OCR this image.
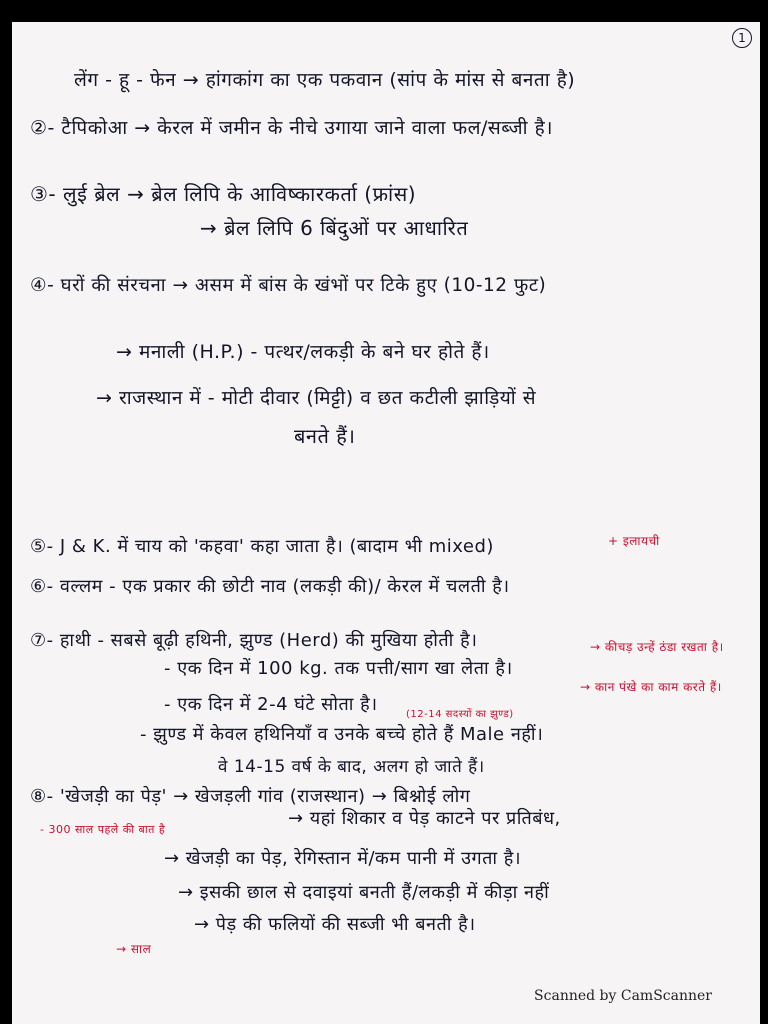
1
लेंग - हू - फेन → हांगकांग का एक पकवान (सांप के मांस से बनता है)
②- टैपिकोआ → केरल में जमीन के नीचे उगाया जाने वाला फल/सब्जी है।
③- लुई ब्रेल → ब्रेल लिपि के आविष्कारकर्ता (फ्रांस)
→ ब्रेल लिपि 6 बिंदुओं पर आधारित
④- घरों की संरचना → असम में बांस के खंभों पर टिके हुए (10-12 फुट)
→ मनाली (H.P.) - पत्थर/लकड़ी के बने घर होते हैं।
→ राजस्थान में - मोटी दीवार (मिट्टी) व छत कटीली झाड़ियों से
बनते हैं।
⑤- J & K. में चाय को 'कहवा' कहा जाता है। (बादाम भी mixed)	+ इलायची
⑥- वल्लम - एक प्रकार की छोटी नाव (लकड़ी की)/ केरल में चलती है।
⑦- हाथी - सबसे बूढ़ी हथिनी, झुण्ड (Herd) की मुखिया होती है।
- एक दिन में 100 kg. तक पत्ती/साग खा लेता है।
→ कीचड़ उन्हें ठंडा रखता है।
- एक दिन में 2-4 घंटे सोता है।
→ कान पंखे का काम करते हैं।
(12-14 सदस्यों का झुण्ड)
- झुण्ड में केवल हथिनियाँ व उनके बच्चे होते हैं Male नहीं।
वे 14-15 वर्ष के बाद, अलग हो जाते हैं।
⑧- 'खेजड़ी का पेड़' → खेजड़ली गांव (राजस्थान) → बिश्नोई लोग
- 300 साल पहले की बात है
→ यहां शिकार व पेड़ काटने पर प्रतिबंध,
→ खेजड़ी का पेड़, रेगिस्तान में/कम पानी में उगता है।
→ इसकी छाल से दवाइयां बनती हैं/लकड़ी में कीड़ा नहीं
→ पेड़ की फलियों की सब्जी भी बनती है।
→ साल
Scanned by CamScanner
